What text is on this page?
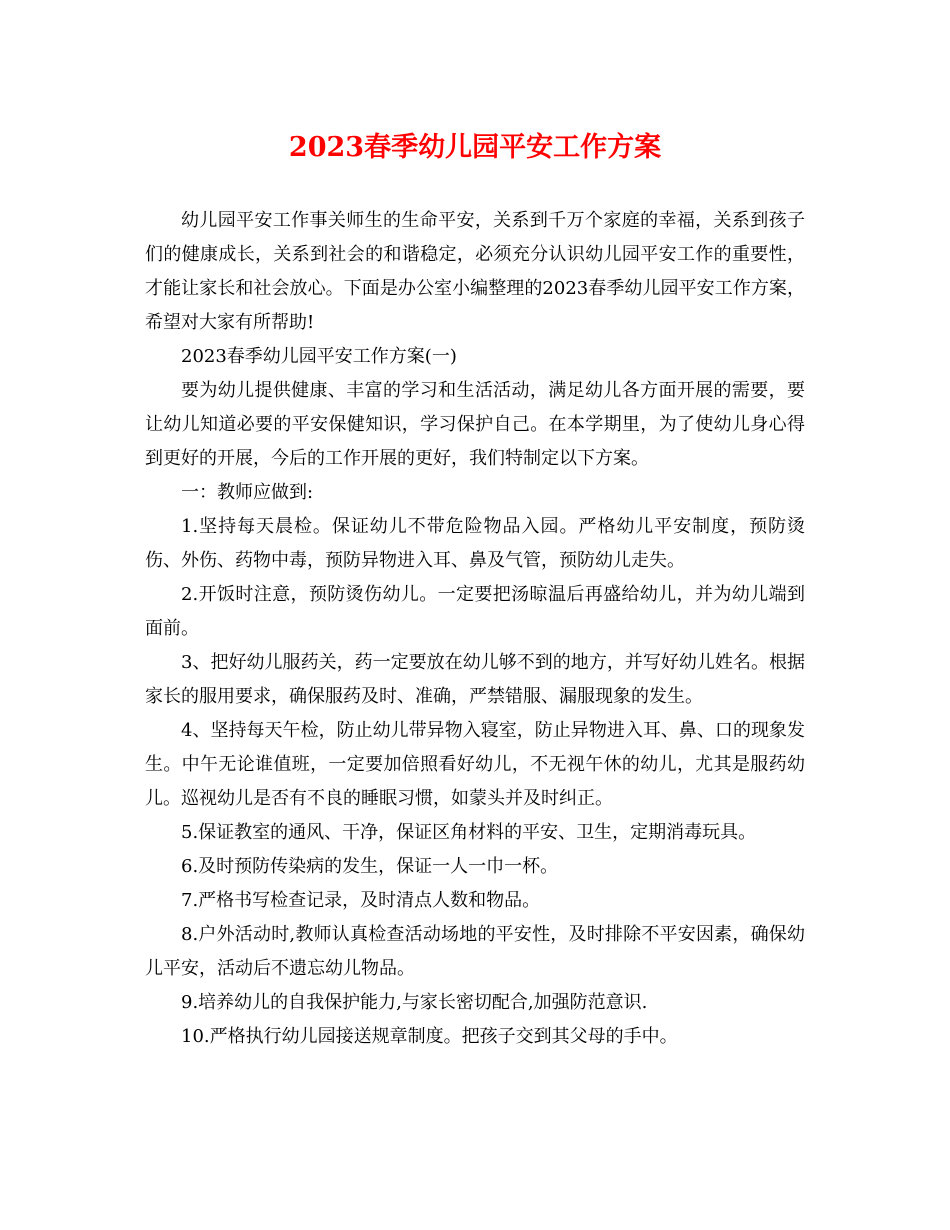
2023春季幼儿园平安工作方案

幼儿园平安工作事关师生的生命平安，关系到千万个家庭的幸福，关系到孩子们的健康成长，关系到社会的和谐稳定，必须充分认识幼儿园平安工作的重要性，才能让家长和社会放心。下面是办公室小编整理的2023春季幼儿园平安工作方案，希望对大家有所帮助!

2023春季幼儿园平安工作方案(一)

要为幼儿提供健康、丰富的学习和生活活动，满足幼儿各方面开展的需要，要让幼儿知道必要的平安保健知识，学习保护自己。在本学期里，为了使幼儿身心得到更好的开展，今后的工作开展的更好，我们特制定以下方案。

一：教师应做到:

1.坚持每天晨检。保证幼儿不带危险物品入园。严格幼儿平安制度，预防烫伤、外伤、药物中毒，预防异物进入耳、鼻及气管，预防幼儿走失。

2.开饭时注意，预防烫伤幼儿。一定要把汤晾温后再盛给幼儿，并为幼儿端到面前。

3、把好幼儿服药关，药一定要放在幼儿够不到的地方，并写好幼儿姓名。根据家长的服用要求，确保服药及时、准确，严禁错服、漏服现象的发生。

4、坚持每天午检，防止幼儿带异物入寝室，防止异物进入耳、鼻、口的现象发生。中午无论谁值班，一定要加倍照看好幼儿，不无视午休的幼儿，尤其是服药幼儿。巡视幼儿是否有不良的睡眠习惯，如蒙头并及时纠正。

5.保证教室的通风、干净，保证区角材料的平安、卫生，定期消毒玩具。

6.及时预防传染病的发生，保证一人一巾一杯。

7.严格书写检查记录，及时清点人数和物品。

8.户外活动时,教师认真检查活动场地的平安性，及时排除不平安因素，确保幼儿平安，活动后不遗忘幼儿物品。

9.培养幼儿的自我保护能力,与家长密切配合,加强防范意识.

10.严格执行幼儿园接送规章制度。把孩子交到其父母的手中。
